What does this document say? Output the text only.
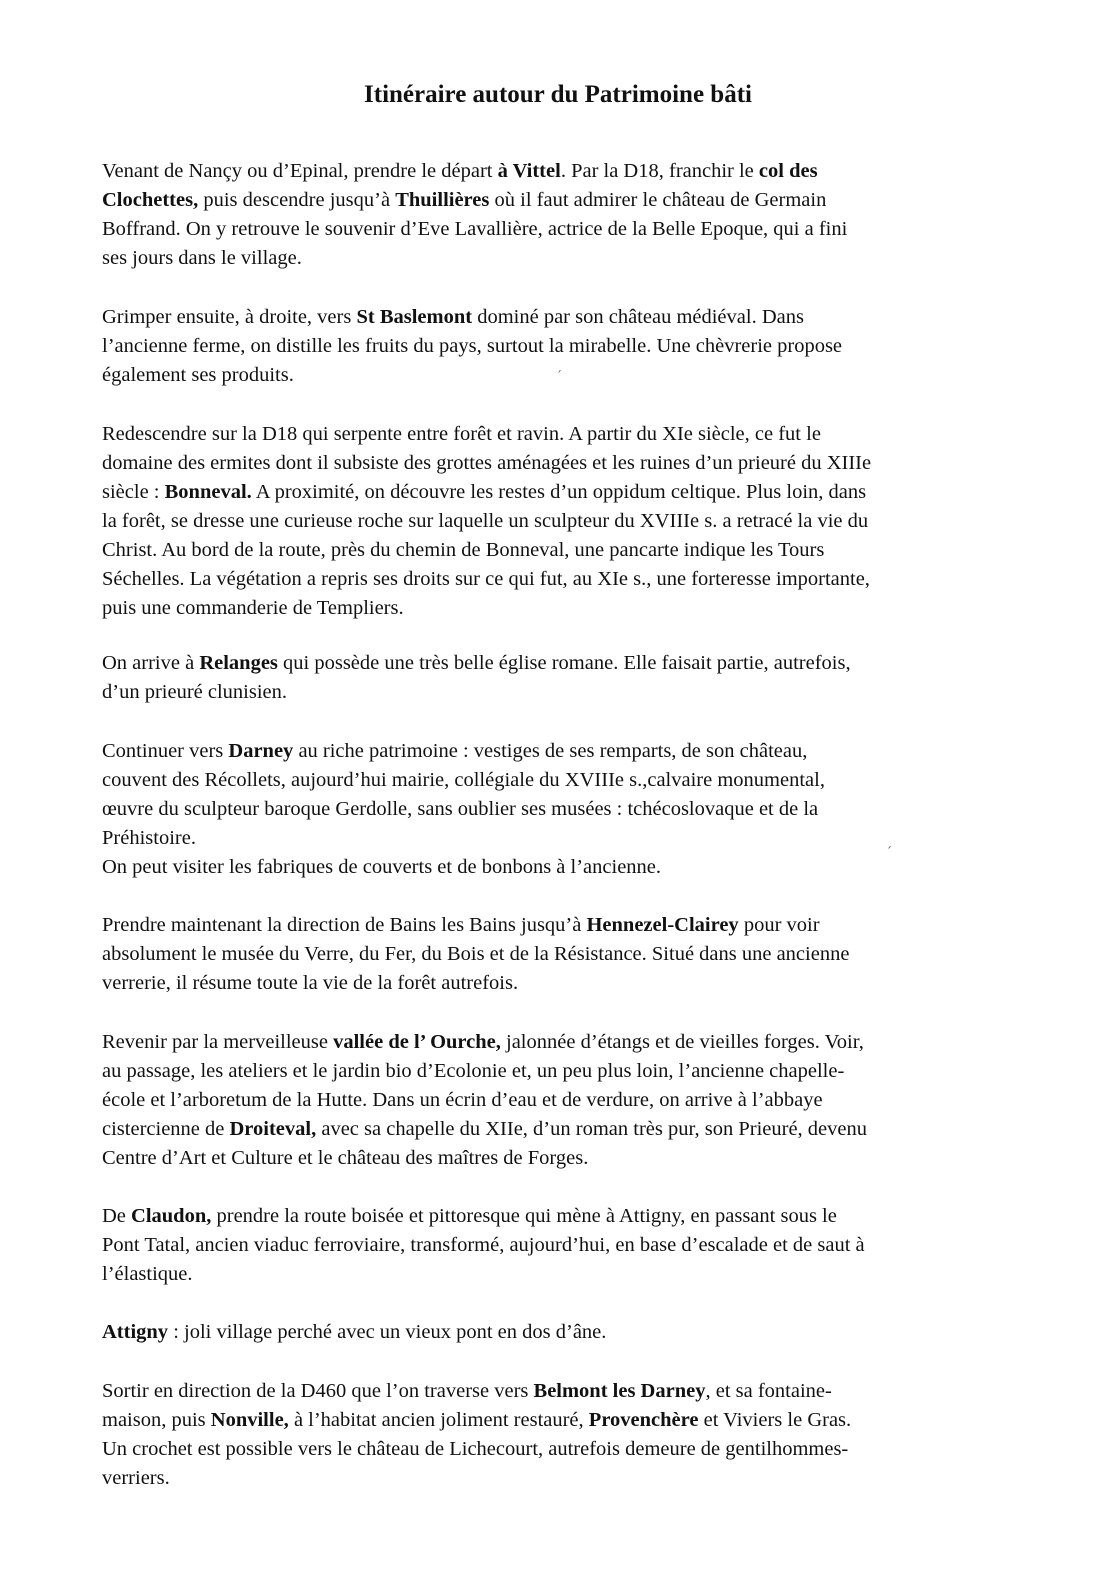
Itinéraire autour du Patrimoine bâti

Venant de Nançy ou d’Epinal, prendre le départ à Vittel. Par la D18, franchir le col des
Clochettes, puis descendre jusqu’à Thuillières où il faut admirer le château de Germain
Boffrand. On y retrouve le souvenir d’Eve Lavallière, actrice de la Belle Epoque, qui a fini
ses jours dans le village.

Grimper ensuite, à droite, vers St Baslemont dominé par son château médiéval. Dans
l’ancienne ferme, on distille les fruits du pays, surtout la mirabelle. Une chèvrerie propose
également ses produits.

Redescendre sur la D18 qui serpente entre forêt et ravin. A partir du XIe siècle, ce fut le
domaine des ermites dont il subsiste des grottes aménagées et les ruines d’un prieuré du XIIIe
siècle : Bonneval. A proximité, on découvre les restes d’un oppidum celtique. Plus loin, dans
la forêt, se dresse une curieuse roche sur laquelle un sculpteur du XVIIIe s. a retracé la vie du
Christ. Au bord de la route, près du chemin de Bonneval, une pancarte indique les Tours
Séchelles. La végétation a repris ses droits sur ce qui fut, au XIe s., une forteresse importante,
puis une commanderie de Templiers.

On arrive à Relanges qui possède une très belle église romane. Elle faisait partie, autrefois,
d’un prieuré clunisien.

Continuer vers Darney au riche patrimoine : vestiges de ses remparts, de son château,
couvent des Récollets, aujourd’hui mairie, collégiale du XVIIIe s.,calvaire monumental,
œuvre du sculpteur baroque Gerdolle, sans oublier ses musées : tchécoslovaque et de la
Préhistoire.
On peut visiter les fabriques de couverts et de bonbons à l’ancienne.

Prendre maintenant la direction de Bains les Bains jusqu’à Hennezel-Clairey pour voir
absolument le musée du Verre, du Fer, du Bois et de la Résistance. Situé dans une ancienne
verrerie, il résume toute la vie de la forêt autrefois.

Revenir par la merveilleuse vallée de l’ Ourche, jalonnée d’étangs et de vieilles forges. Voir,
au passage, les ateliers et le jardin bio d’Ecolonie et, un peu plus loin, l’ancienne chapelle-
école et l’arboretum de la Hutte. Dans un écrin d’eau et de verdure, on arrive à l’abbaye
cistercienne de Droiteval, avec sa chapelle du XIIe, d’un roman très pur, son Prieuré, devenu
Centre d’Art et Culture et le château des maîtres de Forges.

De Claudon, prendre la route boisée et pittoresque qui mène à Attigny, en passant sous le
Pont Tatal, ancien viaduc ferroviaire, transformé, aujourd’hui, en base d’escalade et de saut à
l’élastique.

Attigny : joli village perché avec un vieux pont en dos d’âne.

Sortir en direction de la D460 que l’on traverse vers Belmont les Darney, et sa fontaine-
maison, puis Nonville, à l’habitat ancien joliment restauré, Provenchère et Viviers le Gras.
Un crochet est possible vers le château de Lichecourt, autrefois demeure de gentilhommes-
verriers.

ˊ
ˊ
